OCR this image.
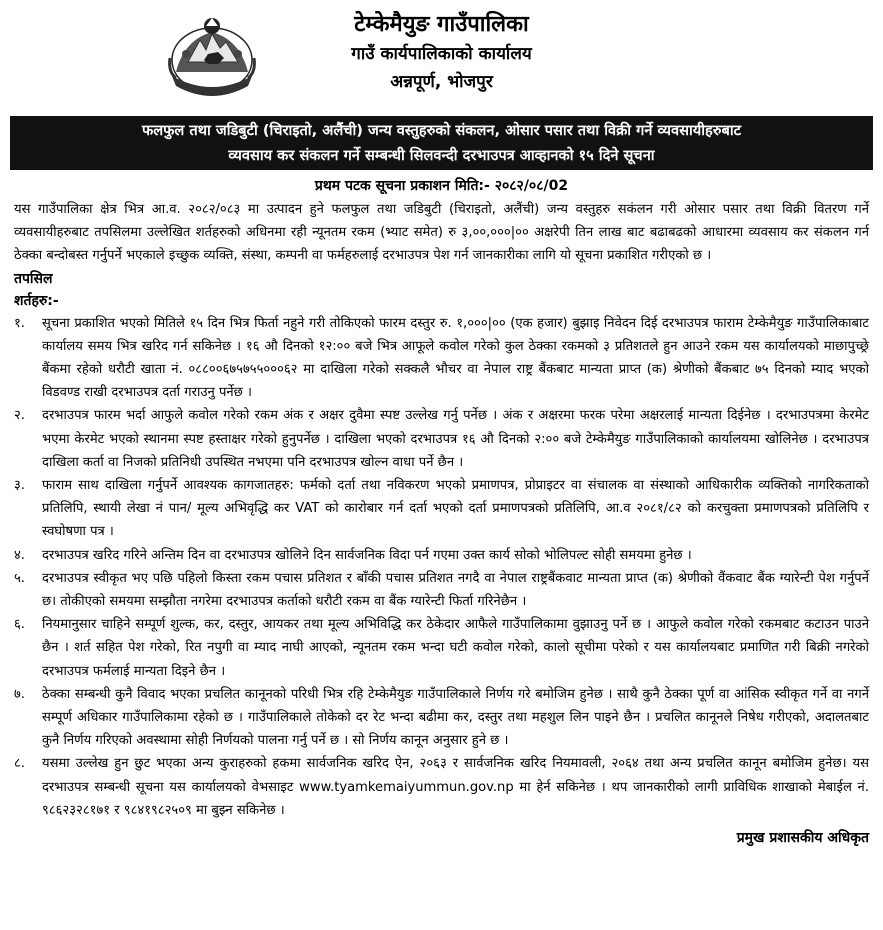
टेम्केमैयुङ गाउँपालिका
गाउँ कार्यपालिकाको कार्यालय
अन्नपूर्ण, भोजपुर
फलफुल तथा जडिबुटी (चिराइतो, अलैंची) जन्य वस्तुहरुको संकलन, ओसार पसार तथा विक्री गर्ने व्यवसायीहरुबाट
व्यवसाय कर संकलन गर्ने सम्बन्धी सिलवन्दी दरभाउपत्र आव्हानको १५ दिने सूचना
प्रथम पटक सूचना प्रकाशन मिति:- २०८२/०८/02
यस गाउँपालिका क्षेत्र भित्र आ.व. २०८२/०८३ मा उत्पादन हुने फलफुल तथा जडिबुटी (चिराइतो, अलैंची) जन्य वस्तुहरु सकंलन गरी ओसार पसार तथा विक्री वितरण गर्ने व्यवसायीहरुबाट तपसिलमा उल्लेखित शर्तहरुको अधिनमा रही न्यूनतम रकम (भ्याट समेत) रु ३,००,०००|०० अक्षरेपी तिन लाख बाट बढाबढको आधारमा व्यवसाय कर संकलन गर्न ठेक्का बन्दोबस्त गर्नुपर्ने भएकाले इच्छुक व्यक्ति, संस्था, कम्पनी वा फर्महरुलाई दरभाउपत्र पेश गर्न जानकारीका लागि यो सूचना प्रकाशित गरीएको छ ।
तपसिल
शर्तहरु:-
१. सूचना प्रकाशित भएको मितिले १५ दिन भित्र फिर्ता नहुने गरी तोकिएको फारम दस्तुर रु. १,०००|०० (एक हजार) बुझाइ निवेदन दिई दरभाउपत्र फाराम टेम्केमैयुङ गाउँपालिकाबाट कार्यालय समय भित्र खरिद गर्न सकिनेछ । १६ औ दिनको १२:०० बजे भित्र आफूले कवोल गरेको कुल ठेक्का रकमको ३ प्रतिशतले हुन आउने रकम यस कार्यालयको माछापुच्छ्रे बैंकमा रहेको धरौटी खाता नं. ०८८००६७५७५५०००६२ मा दाखिला गरेको सक्कलै भौचर वा नेपाल राष्ट्र बैंकबाट मान्यता प्राप्त (क) श्रेणीको बैंकबाट ७५ दिनको म्याद भएको विडवण्ड राखी दरभाउपत्र दर्ता गराउनु पर्नेछ ।
२. दरभाउपत्र फारम भर्दा आफुले कवोल गरेको रकम अंक र अक्षर दुवैमा स्पष्ट उल्लेख गर्नु पर्नेछ । अंक र अक्षरमा फरक परेमा अक्षरलाई मान्यता दिईनेछ । दरभाउपत्रमा केरमेट भएमा केरमेट भएको स्थानमा स्पष्ट हस्ताक्षर गरेको हुनुपर्नेछ । दाखिला भएको दरभाउपत्र १६ औ दिनको २:०० बजे टेम्केमैयुङ गाउँपालिकाको कार्यालयमा खोलिनेछ । दरभाउपत्र दाखिला कर्ता वा निजको प्रतिनिधी उपस्थित नभएमा पनि दरभाउपत्र खोल्न वाधा पर्ने छैन ।
३. फाराम साथ दाखिला गर्नुपर्ने आवश्यक कागजातहरु: फर्मको दर्ता तथा नविकरण भएको प्रमाणपत्र, प्रोप्राइटर वा संचालक वा संस्थाको आधिकारीक व्यक्तिको नागरिकताको प्रतिलिपि, स्थायी लेखा नं पान/ मूल्य अभिवृद्धि कर VAT को कारोबार गर्न दर्ता भएको दर्ता प्रमाणपत्रको प्रतिलिपि, आ.व २०८१/८२ को करचुक्ता प्रमाणपत्रको प्रतिलिपि र स्वघोषणा पत्र ।
४. दरभाउपत्र खरिद गरिने अन्तिम दिन वा दरभाउपत्र खोलिने दिन सार्वजनिक विदा पर्न गएमा उक्त कार्य सोको भोलिपल्ट सोही समयमा हुनेछ ।
५. दरभाउपत्र स्वीकृत भए पछि पहिलो किस्ता रकम पचास प्रतिशत र बाँकी पचास प्रतिशत नगदै वा नेपाल राष्ट्रबैंकवाट मान्यता प्राप्त (क) श्रेणीको वैंकवाट बैंक ग्यारेन्टी पेश गर्नुपर्ने छ। तोकीएको समयमा सम्झौता नगरेमा दरभाउपत्र कर्ताको धरौटी रकम वा बैंक ग्यारेन्टी फिर्ता गरिनेछैन ।
६. नियमानुसार चाहिने सम्पूर्ण शुल्क, कर, दस्तुर, आयकर तथा मूल्य अभिविद्धि कर ठेकेदार आफैले गाउँपालिकामा वुझाउनु पर्ने छ । आफुले कवोल गरेको रकमबाट कटाउन पाउने छैन । शर्त सहित पेश गरेको, रित नपुगी वा म्याद नाघी आएको, न्यूनतम रकम भन्दा घटी कवोल गरेको, कालो सूचीमा परेको र यस कार्यालयबाट प्रमाणित गरी बिक्री नगरेको दरभाउपत्र फर्मलाई मान्यता दिइने छैन ।
७. ठेक्का सम्बन्धी कुनै विवाद भएका प्रचलित कानूनको परिधी भित्र रहि टेम्केमैयुङ गाउँपालिकाले निर्णय गरे बमोजिम हुनेछ । साथै कुनै ठेक्का पूर्ण वा आंसिक स्वीकृत गर्ने वा नगर्ने सम्पूर्ण अधिकार गाउँपालिकामा रहेको छ । गाउँपालिकाले तोकेको दर रेट भन्दा बढीमा कर, दस्तुर तथा महशुल लिन पाइने छैन । प्रचलित कानूनले निषेध गरीएको, अदालतबाट कुनै निर्णय गरिएको अवस्थामा सोही निर्णयको पालना गर्नु पर्ने छ । सो निर्णय कानून अनुसार हुने छ ।
८. यसमा उल्लेख हुन छुट भएका अन्य कुराहरुको हकमा सार्वजनिक खरिद ऐन, २०६३ र सार्वजनिक खरिद नियमावली, २०६४ तथा अन्य प्रचलित कानून बमोजिम हुनेछ। यस दरभाउपत्र सम्बन्धी सूचना यस कार्यालयको वेभसाइट www.tyamkemaiyummun.gov.np मा हेर्न सकिनेछ । थप जानकारीको लागी प्राविधिक शाखाको मेबाईल नं. ९८६२३२८१७१ र ९८४१९८२५०९ मा बुझ्न सकिनेछ ।
प्रमुख प्रशासकीय अधिकृत
